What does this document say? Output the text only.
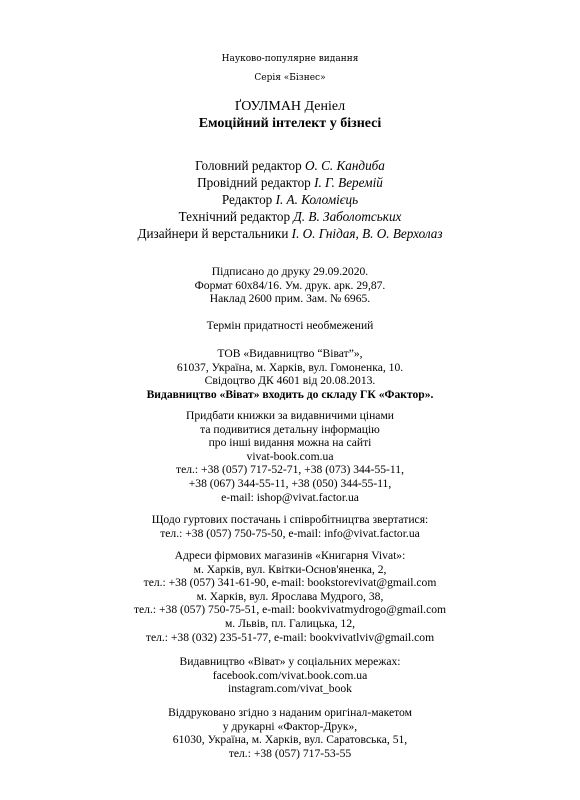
Науково-популярне видання
Серія «Бізнес»
ҐОУЛМАН Деніел
Емоційний інтелект у бізнесі
Головний редактор О. С. Кандиба
Провідний редактор І. Г. Веремій
Редактор І. А. Коломієць
Технічний редактор Д. В. Заболотських
Дизайнери й верстальники І. О. Гнідая, В. О. Верхолаз
Підписано до друку 29.09.2020.
Формат 60х84/16. Ум. друк. арк. 29,87.
Наклад 2600 прим. Зам. № 6965.
Термін придатності необмежений
ТОВ «Видавництво “Віват”»,
61037, Україна, м. Харків, вул. Гомоненка, 10.
Свідоцтво ДК 4601 від 20.08.2013.
Видавництво «Віват» входить до складу ГК «Фактор».
Придбати книжки за видавничими цінами
та подивитися детальну інформацію
про інші видання можна на сайті
vivat-book.com.ua
тел.: +38 (057) 717-52-71, +38 (073) 344-55-11,
+38 (067) 344-55-11, +38 (050) 344-55-11,
e-mail: ishop@vivat.factor.ua
Щодо гуртових постачань і співробітництва звертатися:
тел.: +38 (057) 750-75-50, e-mail: info@vivat.factor.ua
Адреси фірмових магазинів «Книгарня Vivat»:
м. Харків, вул. Квітки-Основ'яненка, 2,
тел.: +38 (057) 341-61-90, e-mail: bookstorevivat@gmail.com
м. Харків, вул. Ярослава Мудрого, 38,
тел.: +38 (057) 750-75-51, e-mail: bookvivatmydrogo@gmail.com
м. Львів, пл. Галицька, 12,
тел.: +38 (032) 235-51-77, e-mail: bookvivatlviv@gmail.com
Видавництво «Віват» у соціальних мережах:
facebook.com/vivat.book.com.ua
instagram.com/vivat_book
Віддруковано згідно з наданим оригінал-макетом
у друкарні «Фактор-Друк»,
61030, Україна, м. Харків, вул. Саратовська, 51,
тел.: +38 (057) 717-53-55
